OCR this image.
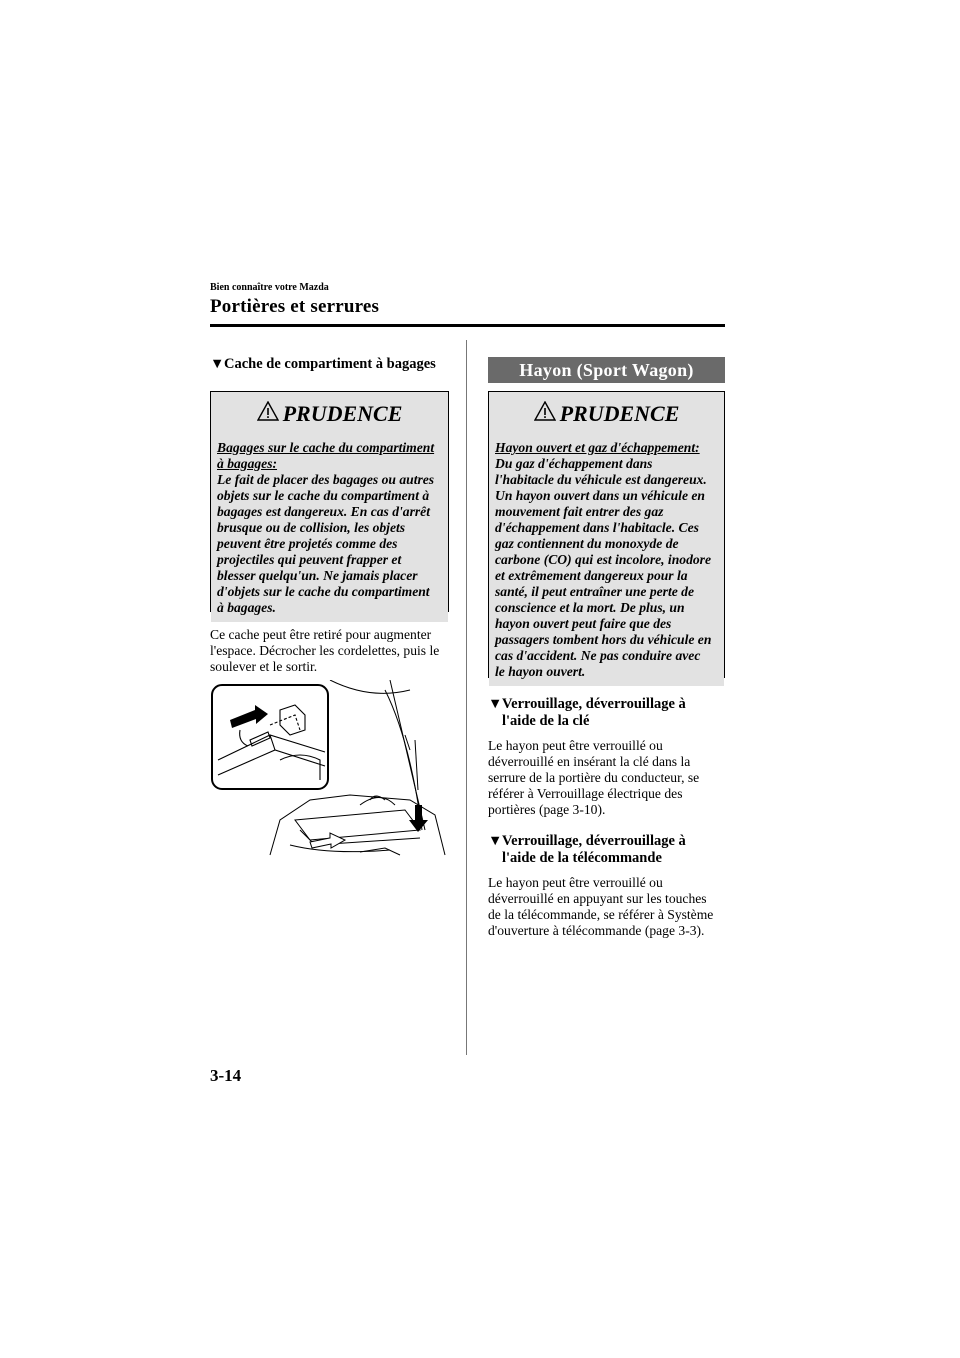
Bien connaître votre Mazda
Portières et serrures
▼Cache de compartiment à bagages
PRUDENCE
Bagages sur le cache du compartiment
à bagages:
Le fait de placer des bagages ou autres
objets sur le cache du compartiment à
bagages est dangereux. En cas d'arrêt
brusque ou de collision, les objets
peuvent être projetés comme des
projectiles qui peuvent frapper et
blesser quelqu'un. Ne jamais placer
d'objets sur le cache du compartiment
à bagages.
Ce cache peut être retiré pour augmenter
l'espace. Décrocher les cordelettes, puis le
soulever et le sortir.
Hayon (Sport Wagon)
PRUDENCE
Hayon ouvert et gaz d'échappement:
Du gaz d'échappement dans
l'habitacle du véhicule est dangereux.
Un hayon ouvert dans un véhicule en
mouvement fait entrer des gaz
d'échappement dans l'habitacle. Ces
gaz contiennent du monoxyde de
carbone (CO) qui est incolore, inodore
et extrêmement dangereux pour la
santé, il peut entraîner une perte de
conscience et la mort. De plus, un
hayon ouvert peut faire que des
passagers tombent hors du véhicule en
cas d'accident. Ne pas conduire avec
le hayon ouvert.
▼Verrouillage, déverrouillage à
l'aide de la clé
Le hayon peut être verrouillé ou
déverrouillé en insérant la clé dans la
serrure de la portière du conducteur, se
référer à Verrouillage électrique des
portières (page 3-10).
▼Verrouillage, déverrouillage à
l'aide de la télécommande
Le hayon peut être verrouillé ou
déverrouillé en appuyant sur les touches
de la télécommande, se référer à Système
d'ouverture à télécommande (page 3-3).
3-14
